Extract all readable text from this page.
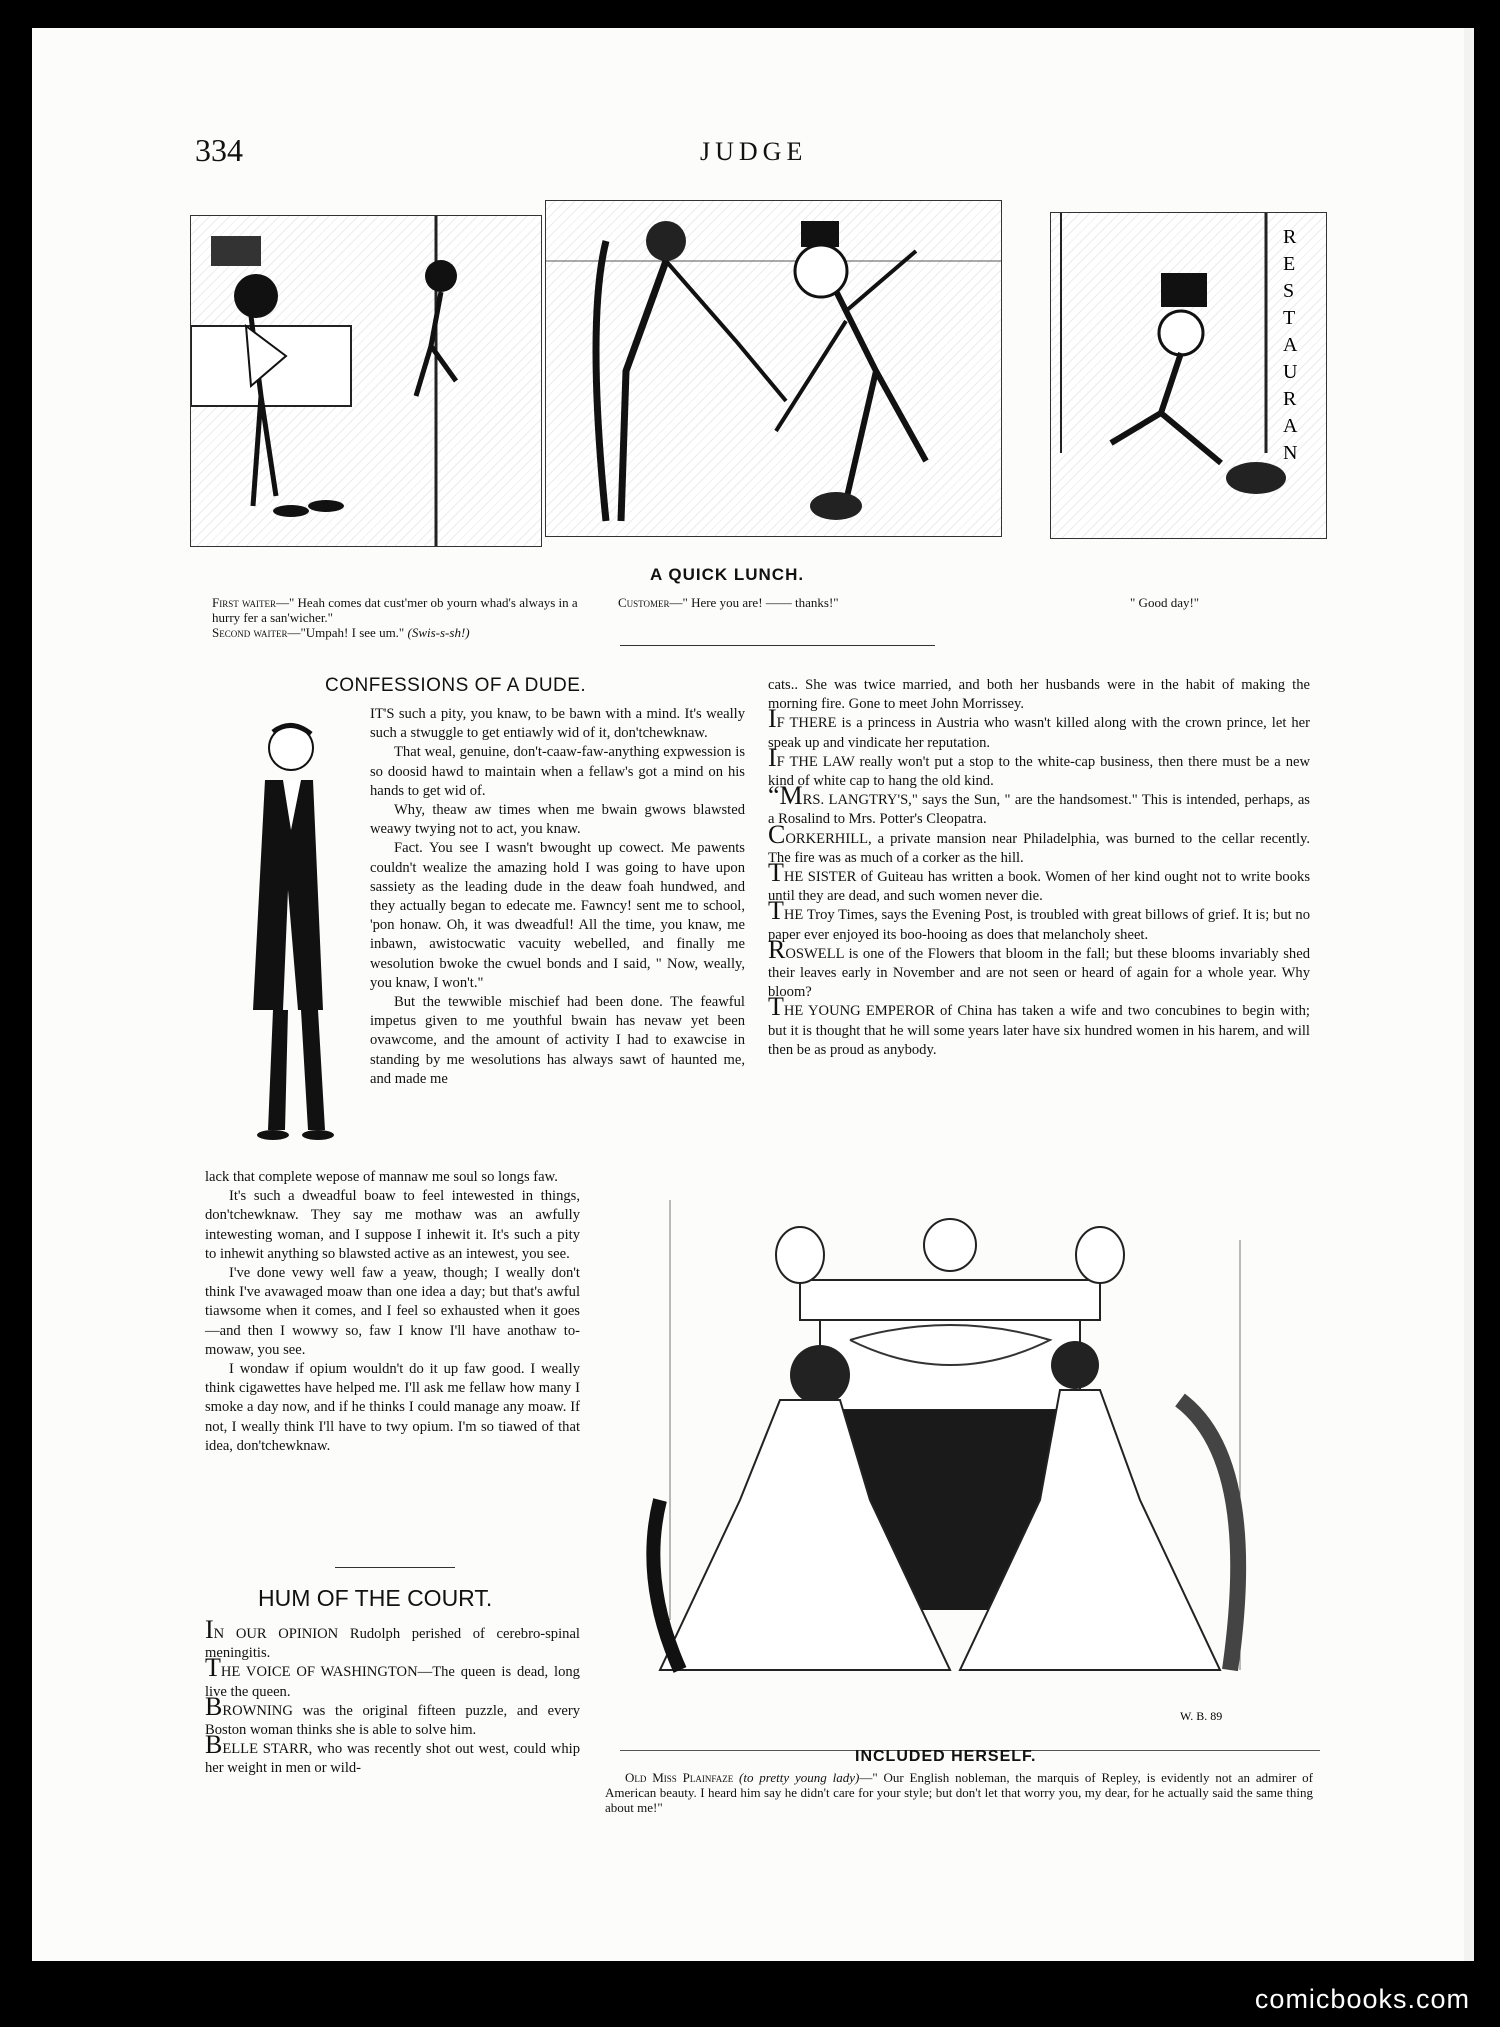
334	JUDGE
R E S T A U R A N
A QUICK LUNCH.
First waiter—" Heah comes dat cust'mer ob yourn whad's always in a hurry fer a san'wicher."
Second waiter—"Umpah! I see um." (Swis-s-sh!)
Customer—" Here you are! —— thanks!"	" Good day!"
CONFESSIONS OF A DUDE.

IT'S such a pity, you knaw, to be bawn with a mind. It's weally such a stwuggle to get entiawly wid of it, don'tchewknaw.

That weal, genuine, don't-caaw-faw-anything expwession is so doosid hawd to maintain when a fellaw's got a mind on his hands to get wid of.

Why, theaw aw times when me bwain gwows blawsted weawy twying not to act, you knaw.

Fact. You see I wasn't bwought up cowect. Me pawents couldn't wealize the amazing hold I was going to have upon sassiety as the leading dude in the deaw foah hundwed, and they actually began to edecate me. Fawncy! sent me to school, 'pon honaw. Oh, it was dweadful! All the time, you knaw, me inbawn, awistocwatic vacuity webelled, and finally me wesolution bwoke the cwuel bonds and I said, " Now, weally, you knaw, I won't."

But the tewwible mischief had been done. The feawful impetus given to me youthful bwain has nevaw yet been ovawcome, and the amount of activity I had to exawcise in standing by me wesolutions has always sawt of haunted me, and made me

lack that complete wepose of mannaw me soul so longs faw.

It's such a dweadful boaw to feel intewested in things, don'tchewknaw. They say me mothaw was an awfully intewesting woman, and I suppose I inhewit it. It's such a pity to inhewit anything so blawsted active as an intewest, you see.

I've done vewy well faw a yeaw, though; I weally don't think I've avawaged moaw than one idea a day; but that's awful tiawsome when it comes, and I feel so exhausted when it goes—and then I wowwy so, faw I know I'll have anothaw to-mowaw, you see.

I wondaw if opium wouldn't do it up faw good. I weally think cigawettes have helped me. I'll ask me fellaw how many I smoke a day now, and if he thinks I could manage any moaw. If not, I weally think I'll have to twy opium. I'm so tiawed of that idea, don'tchewknaw.

HUM OF THE COURT.

IN OUR OPINION Rudolph perished of cerebro-spinal meningitis.

THE VOICE OF WASHINGTON—The queen is dead, long live the queen.

BROWNING was the original fifteen puzzle, and every Boston woman thinks she is able to solve him.

BELLE STARR, who was recently shot out west, could whip her weight in men or wild-

cats.. She was twice married, and both her husbands were in the habit of making the morning fire. Gone to meet John Morrissey.

IF THERE is a princess in Austria who wasn't killed along with the crown prince, let her speak up and vindicate her reputation.

IF THE LAW really won't put a stop to the white-cap business, then there must be a new kind of white cap to hang the old kind.

“MRS. LANGTRY'S," says the Sun, " are the handsomest." This is intended, perhaps, as a Rosalind to Mrs. Potter's Cleopatra.

CORKERHILL, a private mansion near Philadelphia, was burned to the cellar recently. The fire was as much of a corker as the hill.

THE SISTER of Guiteau has written a book. Women of her kind ought not to write books until they are dead, and such women never die.

THE Troy Times, says the Evening Post, is troubled with great billows of grief. It is; but no paper ever enjoyed its boo-hooing as does that melancholy sheet.

ROSWELL is one of the Flowers that bloom in the fall; but these blooms invariably shed their leaves early in November and are not seen or heard of again for a whole year. Why bloom?

THE YOUNG EMPEROR of China has taken a wife and two concubines to begin with; but it is thought that he will some years later have six hundred women in his harem, and will then be as proud as anybody.

W. B. 89
INCLUDED HERSELF.
Old Miss Plainfaze (to pretty young lady)—" Our English nobleman, the marquis of Repley, is evidently not an admirer of American beauty. I heard him say he didn't care for your style; but don't let that worry you, my dear, for he actually said the same thing about me!"
comicbooks.com
